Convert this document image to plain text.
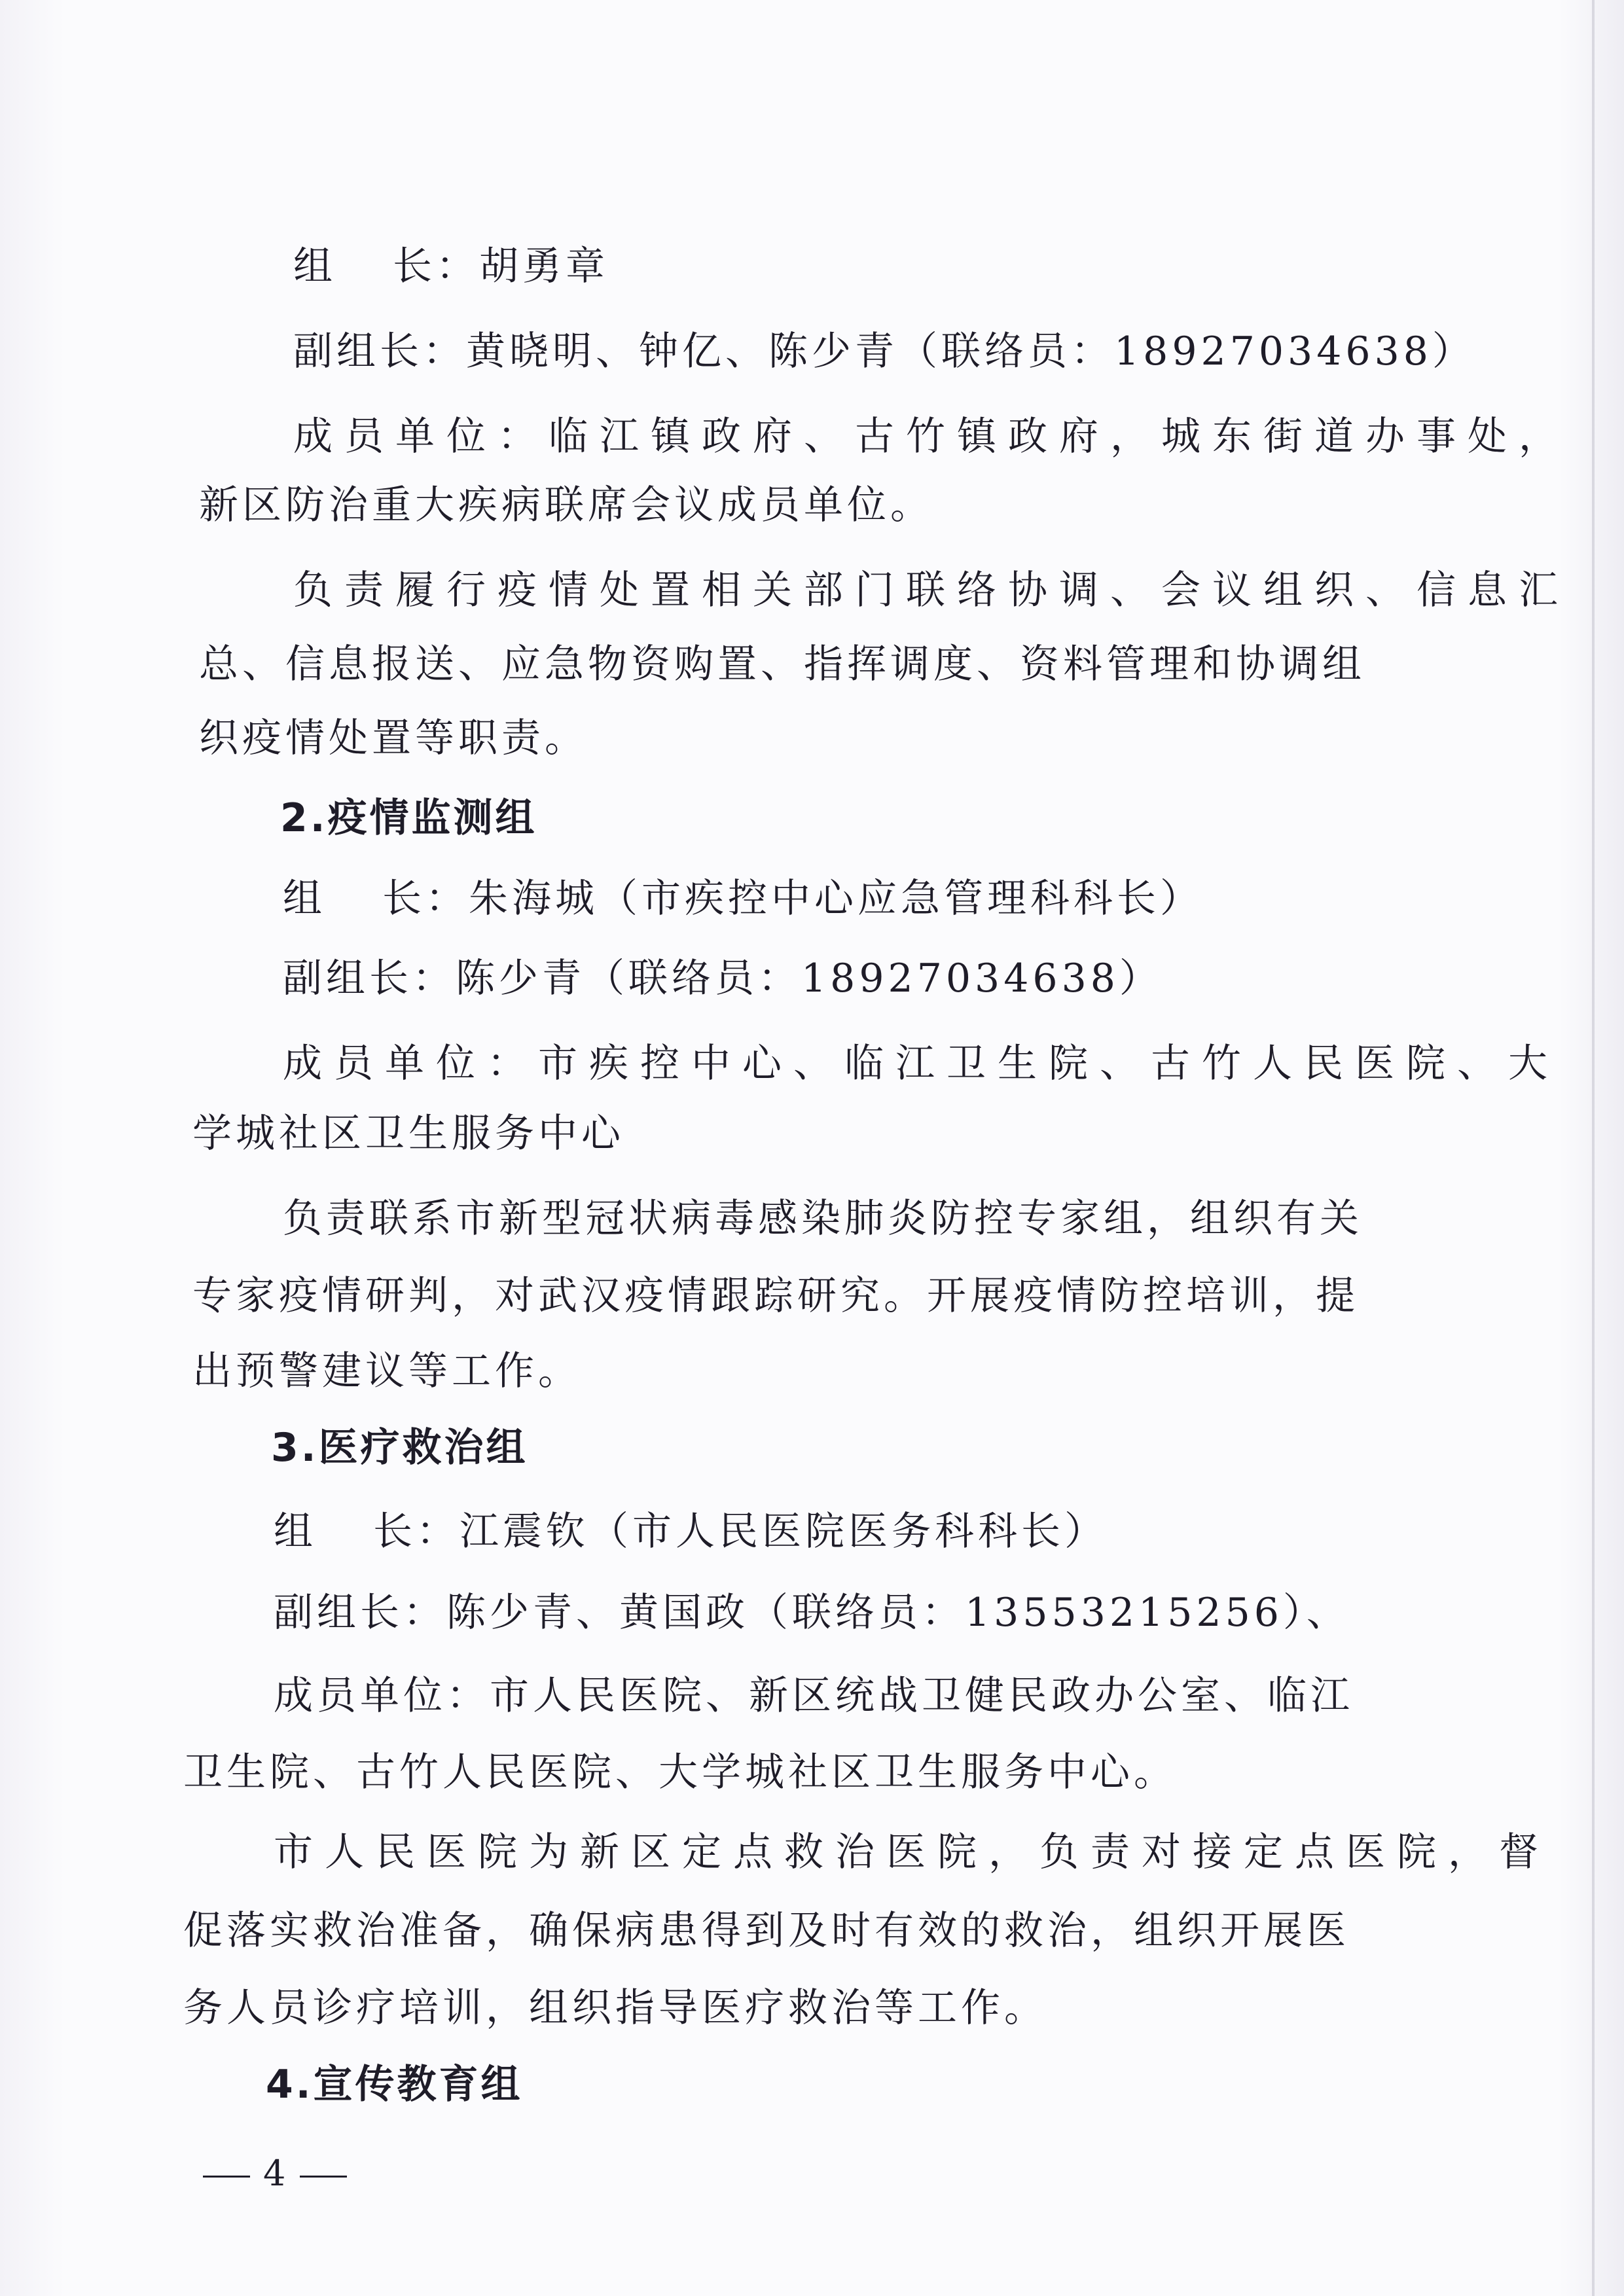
组 长：胡勇章
副组长：黄晓明、钟亿、陈少青（联络员：18927034638）
成员单位：临江镇政府、古竹镇政府，城东街道办事处，
新区防治重大疾病联席会议成员单位。
负责履行疫情处置相关部门联络协调、会议组织、信息汇
总、信息报送、应急物资购置、指挥调度、资料管理和协调组
织疫情处置等职责。
2.疫情监测组
组 长：朱海城（市疾控中心应急管理科科长）
副组长：陈少青（联络员：18927034638）
成员单位：市疾控中心、临江卫生院、古竹人民医院、大
学城社区卫生服务中心
负责联系市新型冠状病毒感染肺炎防控专家组，组织有关
专家疫情研判，对武汉疫情跟踪研究。开展疫情防控培训，提
出预警建议等工作。
3.医疗救治组
组 长：江震钦（市人民医院医务科科长）
副组长：陈少青、黄国政（联络员：13553215256）、
成员单位：市人民医院、新区统战卫健民政办公室、临江
卫生院、古竹人民医院、大学城社区卫生服务中心。
市人民医院为新区定点救治医院，负责对接定点医院，督
促落实救治准备，确保病患得到及时有效的救治，组织开展医
务人员诊疗培训，组织指导医疗救治等工作。
4.宣传教育组
4
